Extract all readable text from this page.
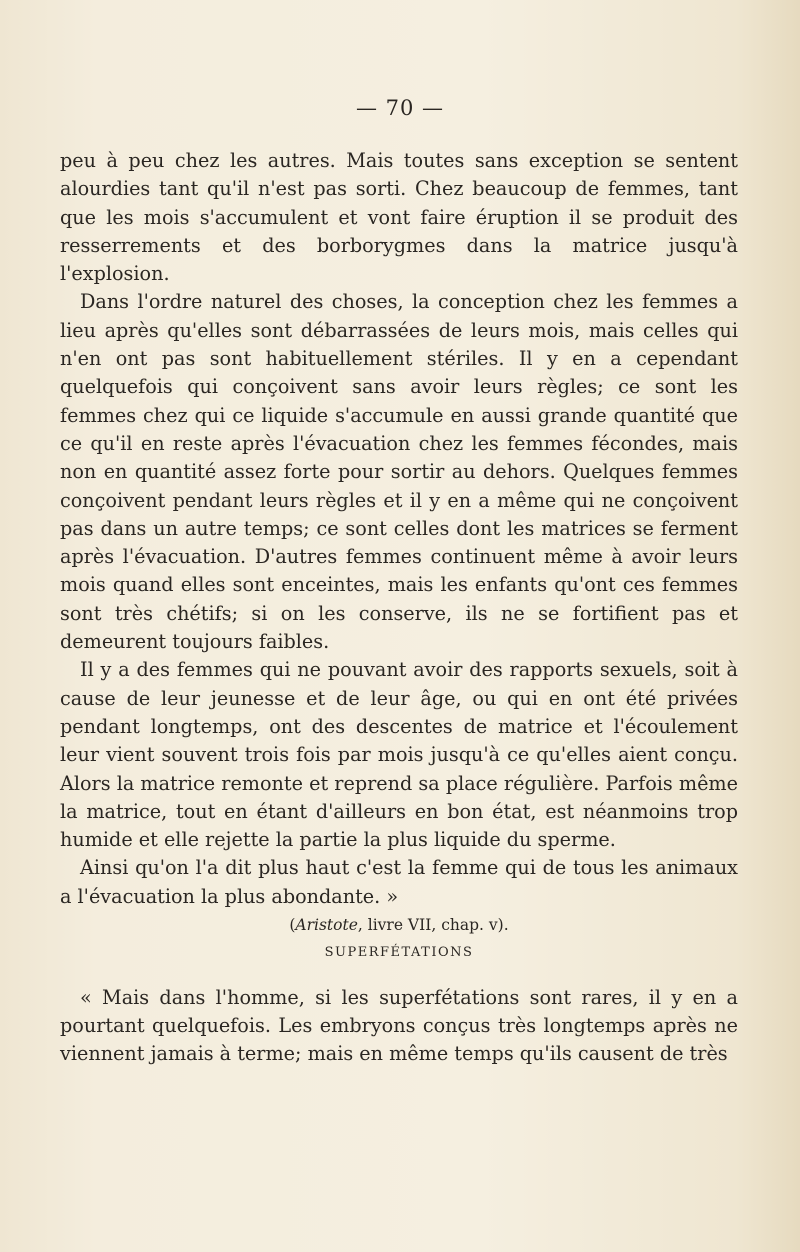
— 70 —

peu à peu chez les autres. Mais toutes sans exception se sentent alourdies tant qu'il n'est pas sorti. Chez beaucoup de femmes, tant que les mois s'accumulent et vont faire éruption il se produit des resserrements et des borborygmes dans la matrice jusqu'à l'explosion.

Dans l'ordre naturel des choses, la conception chez les femmes a lieu après qu'elles sont débarrassées de leurs mois, mais celles qui n'en ont pas sont habituellement stériles. Il y en a cependant quelquefois qui conçoivent sans avoir leurs règles; ce sont les femmes chez qui ce liquide s'accumule en aussi grande quantité que ce qu'il en reste après l'évacuation chez les femmes fécondes, mais non en quantité assez forte pour sortir au dehors. Quelques femmes conçoivent pendant leurs règles et il y en a même qui ne conçoivent pas dans un autre temps; ce sont celles dont les matrices se ferment après l'évacuation. D'autres femmes continuent même à avoir leurs mois quand elles sont enceintes, mais les enfants qu'ont ces femmes sont très chétifs; si on les conserve, ils ne se fortifient pas et demeurent toujours faibles.

Il y a des femmes qui ne pouvant avoir des rapports sexuels, soit à cause de leur jeunesse et de leur âge, ou qui en ont été privées pendant longtemps, ont des descentes de matrice et l'écoulement leur vient souvent trois fois par mois jusqu'à ce qu'elles aient conçu. Alors la matrice remonte et reprend sa place régulière. Parfois même la matrice, tout en étant d'ailleurs en bon état, est néanmoins trop humide et elle rejette la partie la plus liquide du sperme.

Ainsi qu'on l'a dit plus haut c'est la femme qui de tous les animaux a l'évacuation la plus abondante. »

(Aristote, livre VII, chap. v).

SUPERFÉTATIONS

« Mais dans l'homme, si les superfétations sont rares, il y en a pourtant quelquefois. Les embryons conçus très longtemps après ne viennent jamais à terme; mais en même temps qu'ils causent de très
